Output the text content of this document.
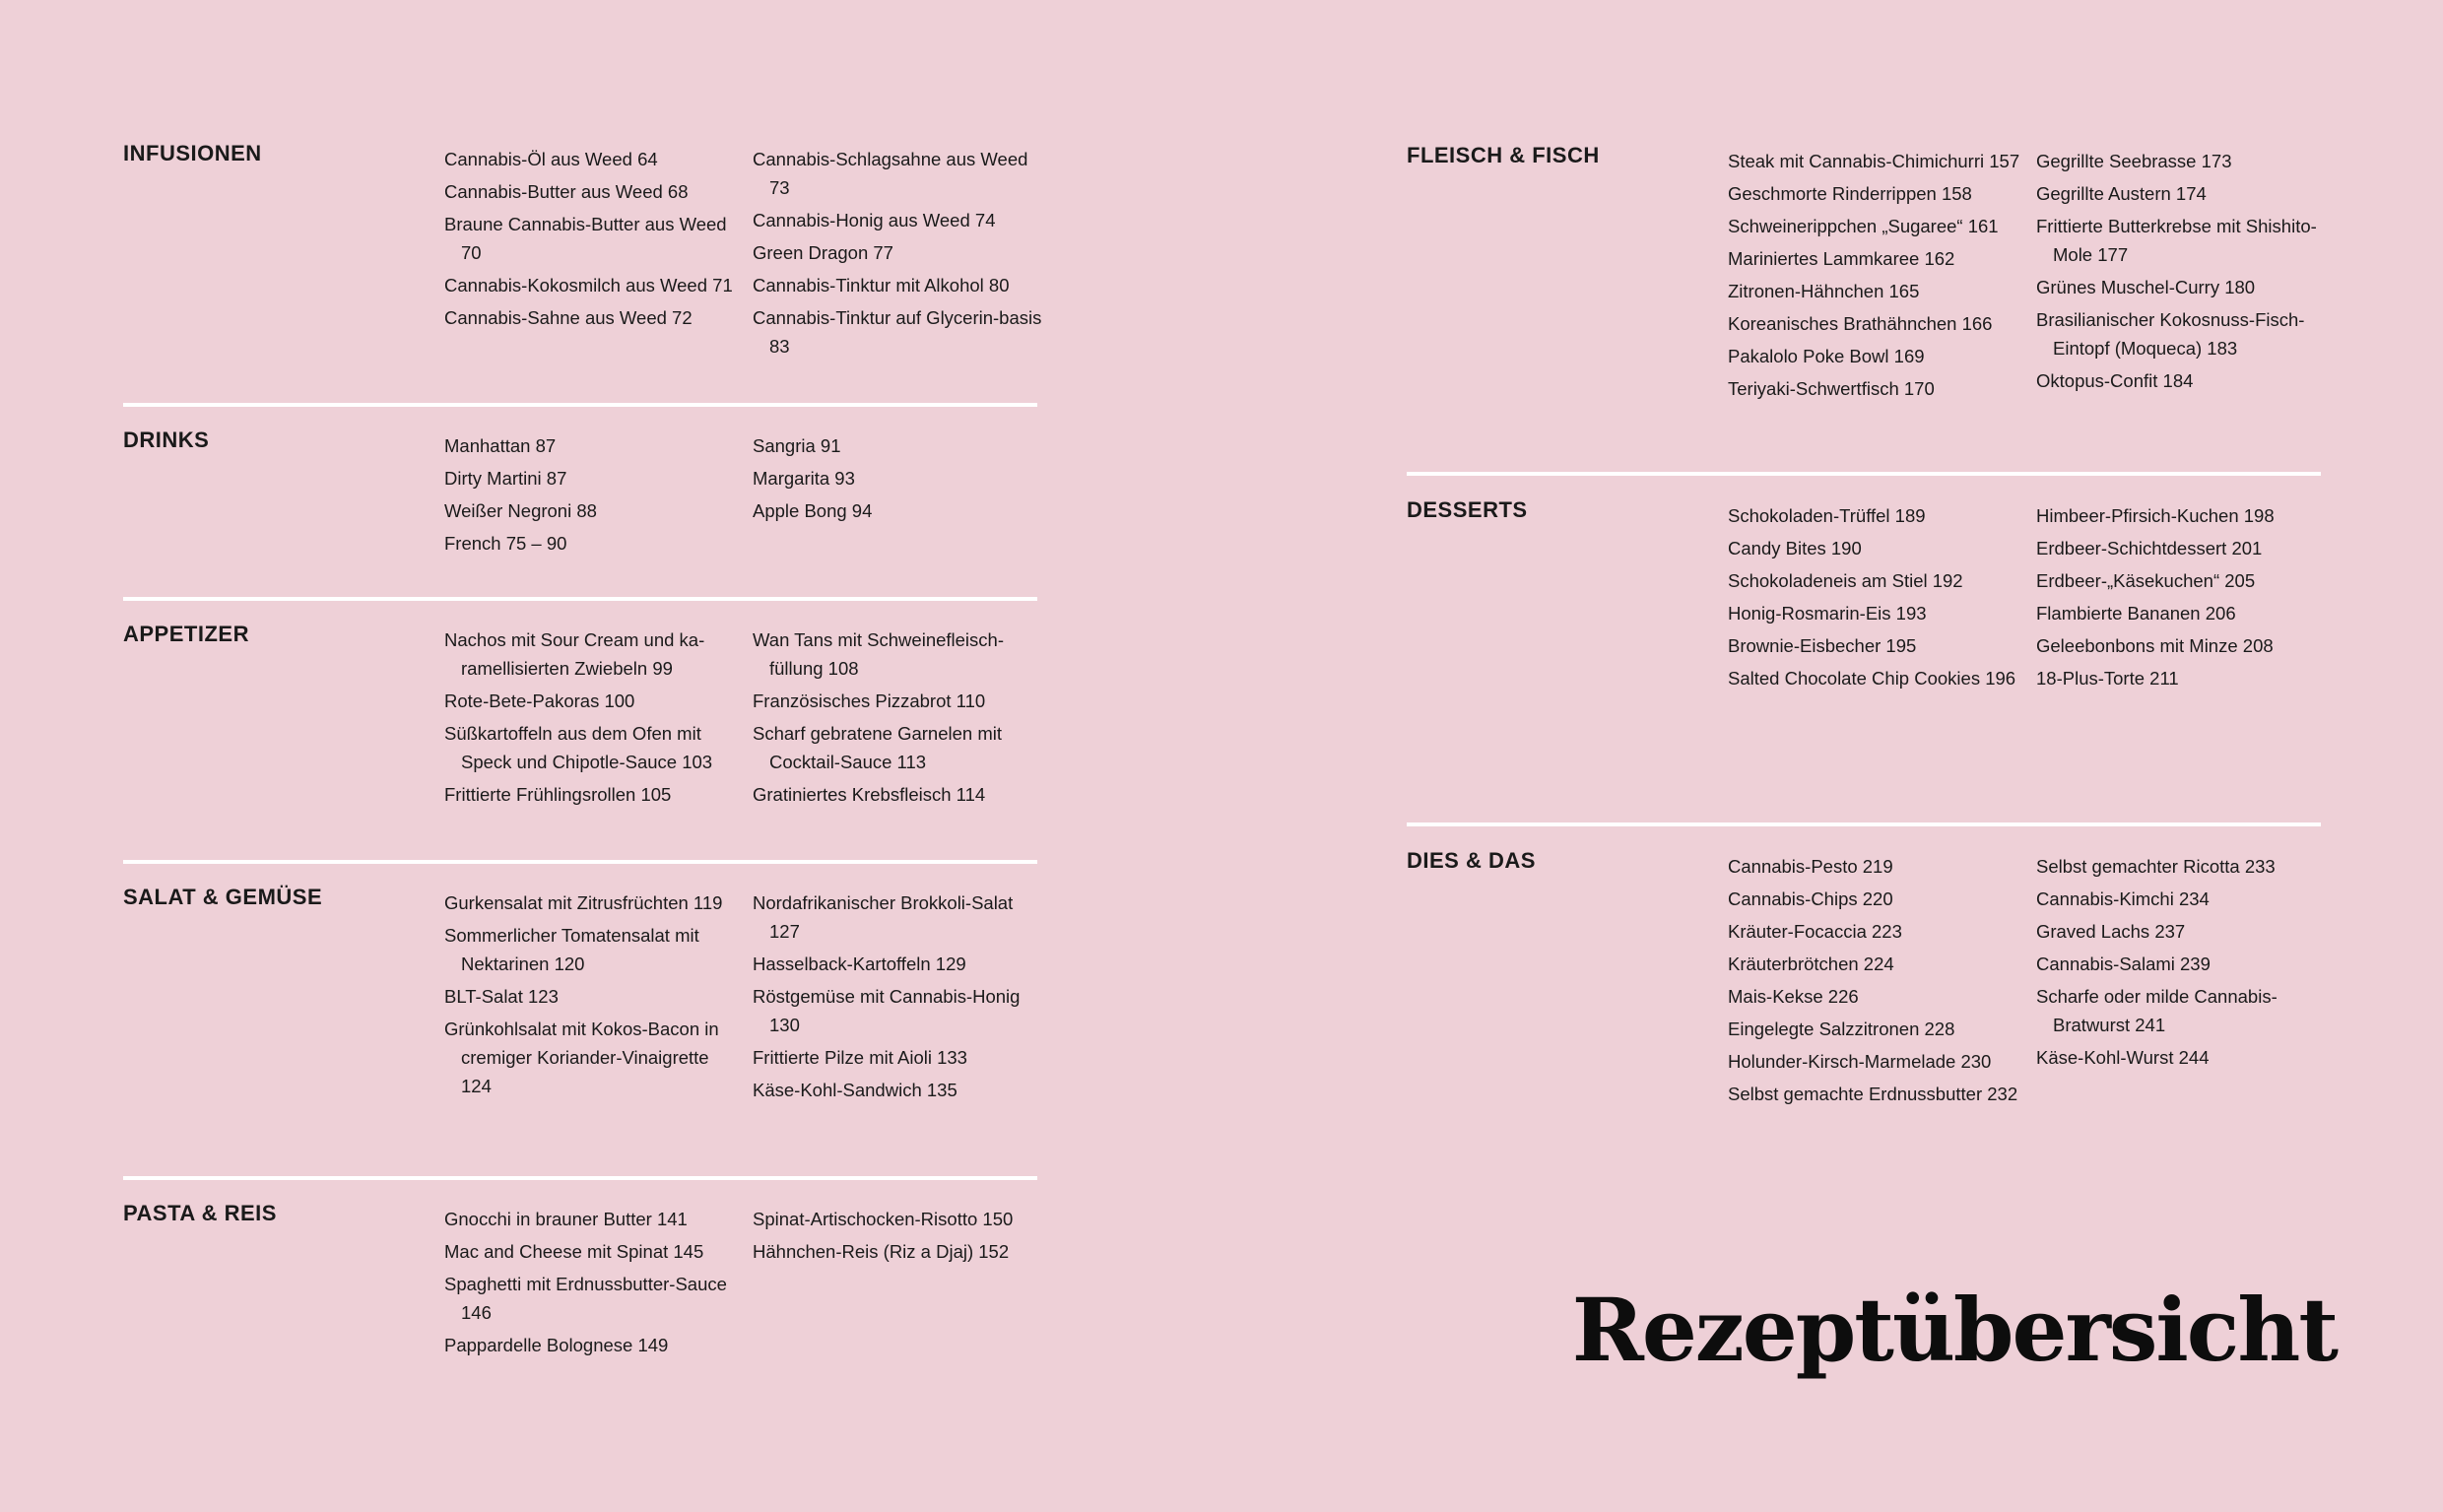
INFUSIONEN	Cannabis-Öl aus Weed 64
Cannabis-Butter aus Weed 68
Braune Cannabis-Butter aus Weed 70
Cannabis-Kokosmilch aus Weed 71
Cannabis-Sahne aus Weed 72
Cannabis-Schlagsahne aus Weed 73
Cannabis-Honig aus Weed 74
Green Dragon 77
Cannabis-Tinktur mit Alkohol 80
Cannabis-Tinktur auf Glycerin-basis 83
DRINKS	Manhattan 87
Dirty Martini 87
Weißer Negroni 88
French 75 – 90
Sangria 91
Margarita 93
Apple Bong 94
APPETIZER	Nachos mit Sour Cream und ka-ramellisierten Zwiebeln 99
Rote-Bete-Pakoras 100
Süßkartoffeln aus dem Ofen mit Speck und Chipotle-Sauce 103
Frittierte Frühlingsrollen 105
Wan Tans mit Schweinefleisch-füllung 108
Französisches Pizzabrot 110
Scharf gebratene Garnelen mit Cocktail-Sauce 113
Gratiniertes Krebsfleisch 114
SALAT & GEMÜSE	Gurkensalat mit Zitrusfrüchten 119
Sommerlicher Tomatensalat mit Nektarinen 120
BLT-Salat 123
Grünkohlsalat mit Kokos-Bacon in cremiger Koriander-Vinaigrette 124
Nordafrikanischer Brokkoli-Salat 127
Hasselback-Kartoffeln 129
Röstgemüse mit Cannabis-Honig 130
Frittierte Pilze mit Aioli 133
Käse-Kohl-Sandwich 135
PASTA & REIS	Gnocchi in brauner Butter 141
Mac and Cheese mit Spinat 145
Spaghetti mit Erdnussbutter-Sauce 146
Pappardelle Bolognese 149
Spinat-Artischocken-Risotto 150
Hähnchen-Reis (Riz a Djaj) 152
FLEISCH & FISCH	Steak mit Cannabis-Chimichurri 157
Geschmorte Rinderrippen 158
Schweinerippchen „Sugaree“ 161
Mariniertes Lammkaree 162
Zitronen-Hähnchen 165
Koreanisches Brathähnchen 166
Pakalolo Poke Bowl 169
Teriyaki-Schwertfisch 170
Gegrillte Seebrasse 173
Gegrillte Austern 174
Frittierte Butterkrebse mit Shishito-Mole 177
Grünes Muschel-Curry 180
Brasilianischer Kokosnuss-Fisch-Eintopf (Moqueca) 183
Oktopus-Confit 184
DESSERTS	Schokoladen-Trüffel 189
Candy Bites 190
Schokoladeneis am Stiel 192
Honig-Rosmarin-Eis 193
Brownie-Eisbecher 195
Salted Chocolate Chip Cookies 196
Himbeer-Pfirsich-Kuchen 198
Erdbeer-Schichtdessert 201
Erdbeer-„Käsekuchen“ 205
Flambierte Bananen 206
Geleebonbons mit Minze 208
18-Plus-Torte 211
DIES & DAS	Cannabis-Pesto 219
Cannabis-Chips 220
Kräuter-Focaccia 223
Kräuterbrötchen 224
Mais-Kekse 226
Eingelegte Salzzitronen 228
Holunder-Kirsch-Marmelade 230
Selbst gemachte Erdnussbutter 232
Selbst gemachter Ricotta 233
Cannabis-Kimchi 234
Graved Lachs 237
Cannabis-Salami 239
Scharfe oder milde Cannabis-Bratwurst 241
Käse-Kohl-Wurst 244
Rezeptübersicht
